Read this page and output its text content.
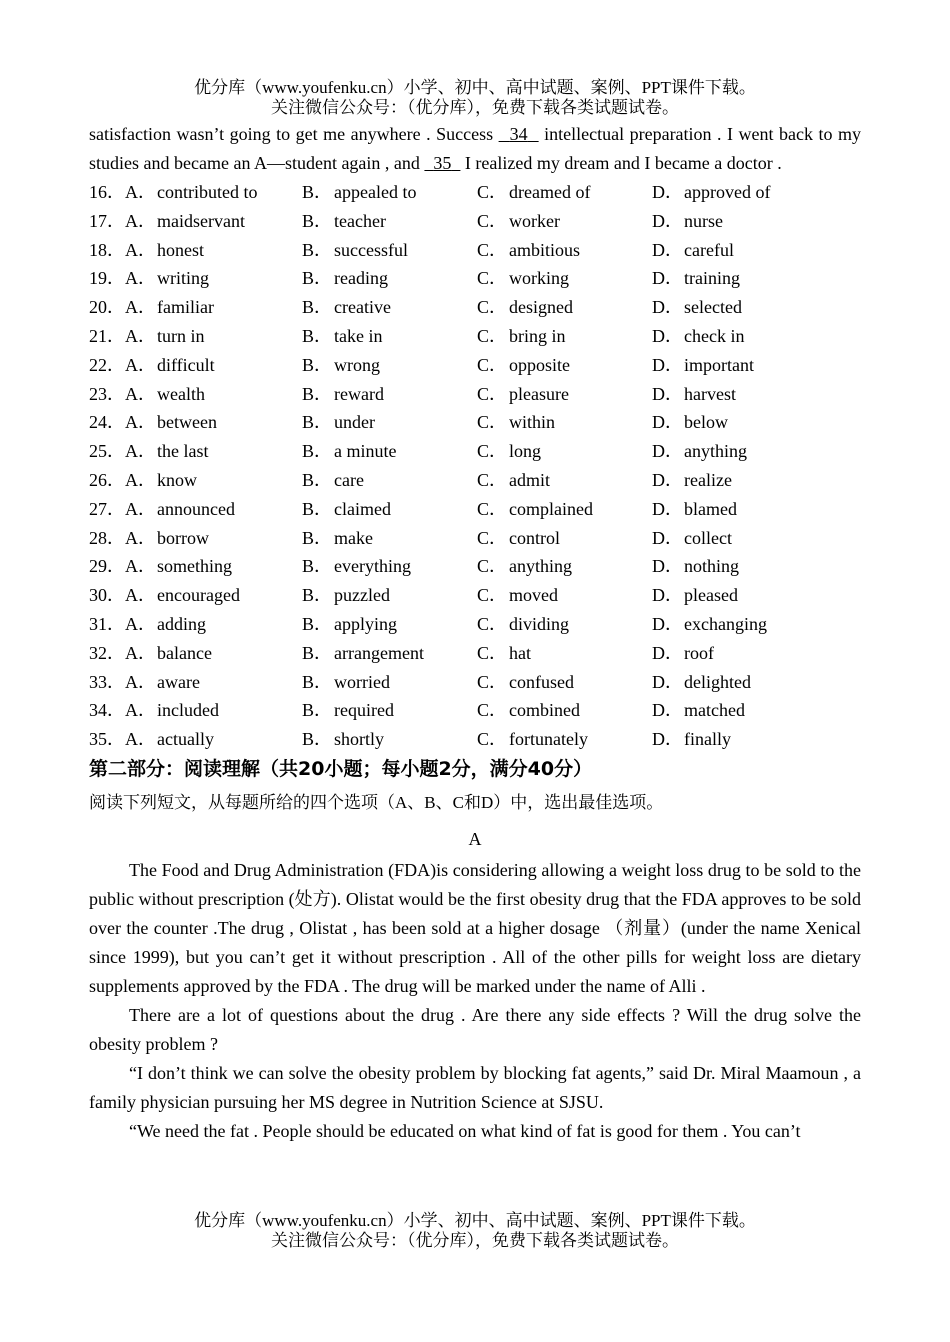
优分库（www.youfenku.cn）小学、初中、高中试题、案例、PPT课件下载。
关注微信公众号：（优分库），免费下载各类试题试卷。

satisfaction wasn’t going to get me anywhere . Success   34   intellectual preparation . I went back to my studies and became an A—student again , and   35   I realized my dream and I became a doctor .

16． A． contributed to B． appealed to	C． dreamed of	D． approved of
17． A． maidservant	B． teacher	C． worker	D． nurse
18． A． honest	B． successful	C． ambitious	D． careful
19． A． writing	B． reading	C． working	D． training
20． A． familiar	B． creative	C． designed	D． selected
21． A． turn in	B． take in	C． bring in	D． check in
22． A． difficult	B． wrong	C． opposite	D． important
23． A． wealth	B． reward	C． pleasure	D． harvest
24． A． between	B． under	C． within	D． below
25． A． the last	B． a minute	C． long	D． anything
26． A． know	B． care	C． admit	D． realize
27． A． announced	B． claimed	C． complained	D． blamed
28． A． borrow	B． make	C． control	D． collect
29． A． something	B． everything	C． anything	D． nothing
30． A． encouraged	B． puzzled	C． moved	D． pleased
31． A． adding	B． applying	C． dividing	D． exchanging
32． A． balance	B． arrangement	C． hat	D． roof
33． A． aware	B． worried	C． confused	D． delighted
34． A． included	B． required	C． combined	D． matched
35． A． actually	B． shortly	C． fortunately	D． finally
第二部分：阅读理解（共20小题；每小题2分，满分40分）
阅读下列短文，从每题所给的四个选项（A、B、C和D）中，选出最佳选项。
A

The Food and Drug Administration (FDA)is considering allowing a weight loss drug to be sold to the public without prescription (处方). Olistat would be the first obesity drug that the FDA approves to be sold over the counter .The drug , Olistat , has been sold at a higher dosage （剂量）(under the name Xenical since 1999), but you can’t get it without prescription . All of the other pills for weight loss are dietary supplements approved by the FDA . The drug will be marked under the name of Alli .

There are a lot of questions about the drug . Are there any side effects ? Will the drug solve the obesity problem ?

“I don’t think we can solve the obesity problem by blocking fat agents,” said Dr. Miral Maamoun , a family physician pursuing her MS degree in Nutrition Science at SJSU.

“We need the fat . People should be educated on what kind of fat is good for them . You can’t

优分库（www.youfenku.cn）小学、初中、高中试题、案例、PPT课件下载。
关注微信公众号：（优分库），免费下载各类试题试卷。
